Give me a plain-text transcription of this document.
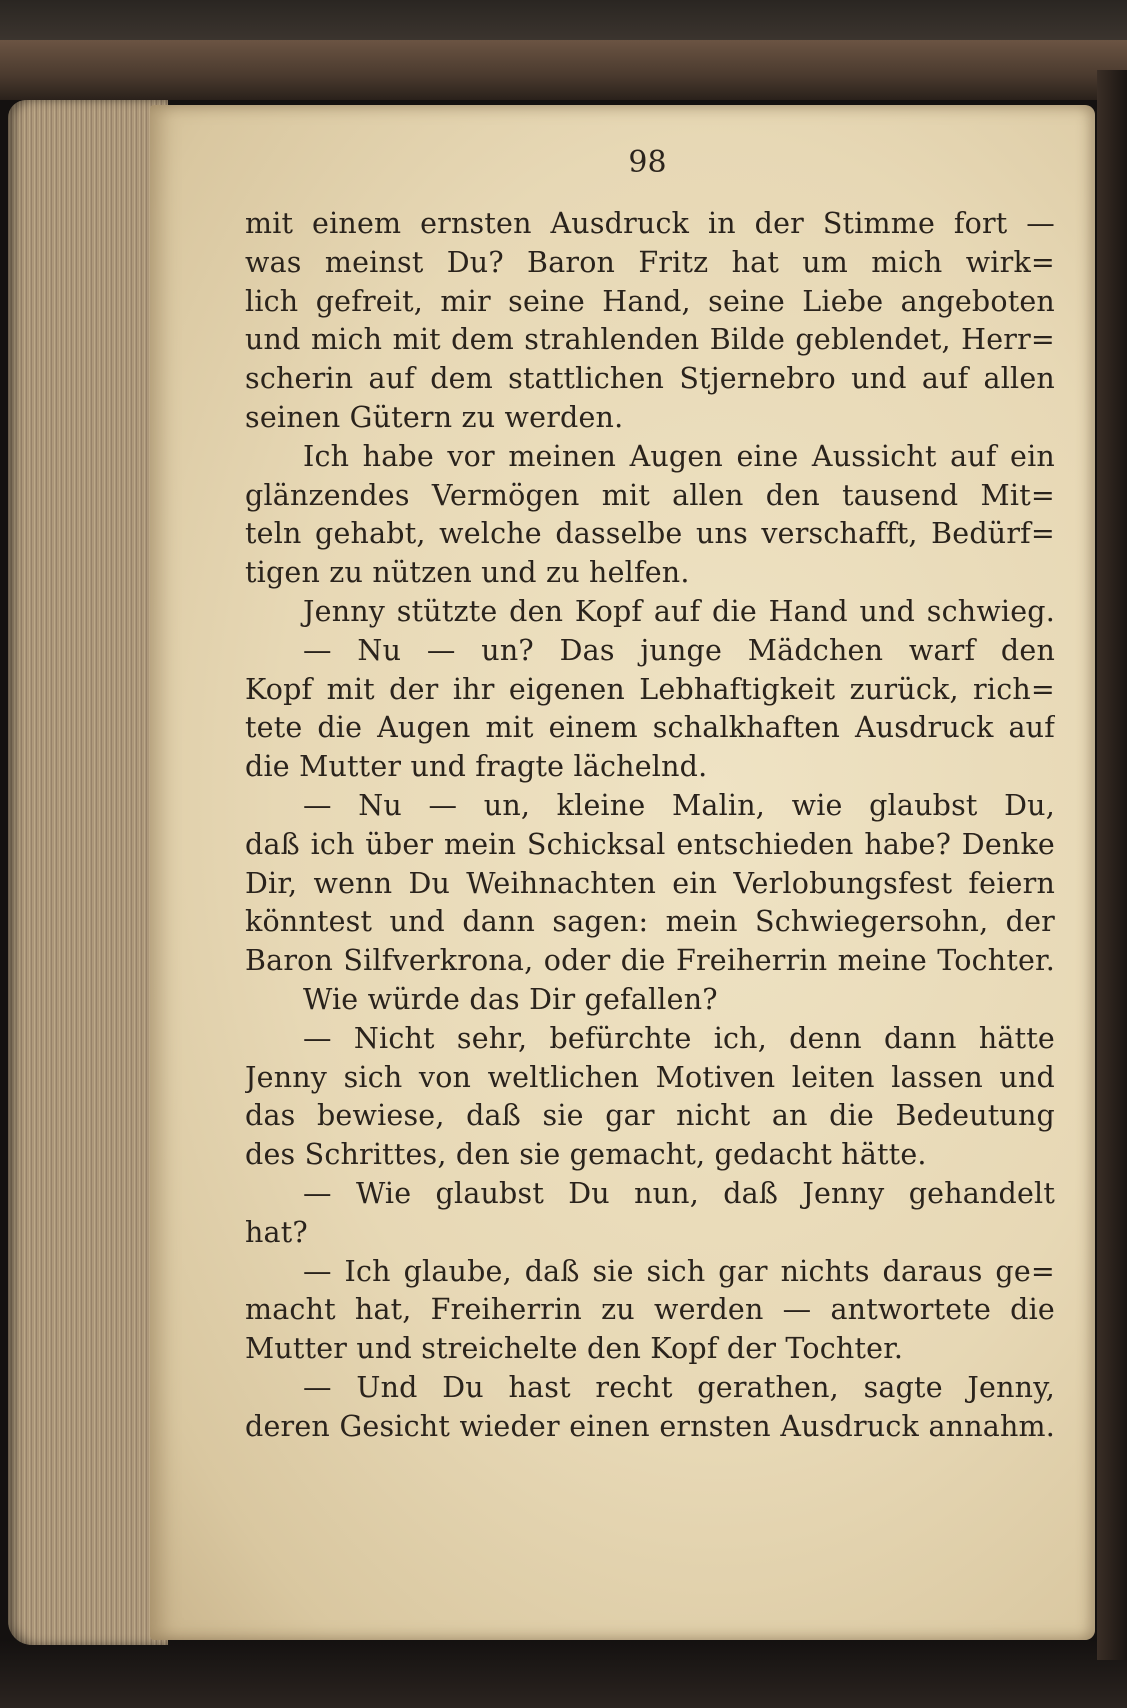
98
mit einem ernsten Ausdruck in der Stimme fort —
was meinst Du? Baron Fritz hat um mich wirk=
lich gefreit, mir seine Hand, seine Liebe angeboten
und mich mit dem strahlenden Bilde geblendet, Herr=
scherin auf dem stattlichen Stjernebro und auf allen
seinen Gütern zu werden.
Ich habe vor meinen Augen eine Aussicht auf ein
glänzendes Vermögen mit allen den tausend Mit=
teln gehabt, welche dasselbe uns verschafft, Bedürf=
tigen zu nützen und zu helfen.
Jenny stützte den Kopf auf die Hand und schwieg.
— Nu — un? Das junge Mädchen warf den
Kopf mit der ihr eigenen Lebhaftigkeit zurück, rich=
tete die Augen mit einem schalkhaften Ausdruck auf
die Mutter und fragte lächelnd.
— Nu — un, kleine Malin, wie glaubst Du,
daß ich über mein Schicksal entschieden habe? Denke
Dir, wenn Du Weihnachten ein Verlobungsfest feiern
könntest und dann sagen: mein Schwiegersohn, der
Baron Silfverkrona, oder die Freiherrin meine Tochter.
Wie würde das Dir gefallen?
— Nicht sehr, befürchte ich, denn dann hätte
Jenny sich von weltlichen Motiven leiten lassen und
das bewiese, daß sie gar nicht an die Bedeutung
des Schrittes, den sie gemacht, gedacht hätte.
— Wie glaubst Du nun, daß Jenny gehandelt
hat?
— Ich glaube, daß sie sich gar nichts daraus ge=
macht hat, Freiherrin zu werden — antwortete die
Mutter und streichelte den Kopf der Tochter.
— Und Du hast recht gerathen, sagte Jenny,
deren Gesicht wieder einen ernsten Ausdruck annahm.
